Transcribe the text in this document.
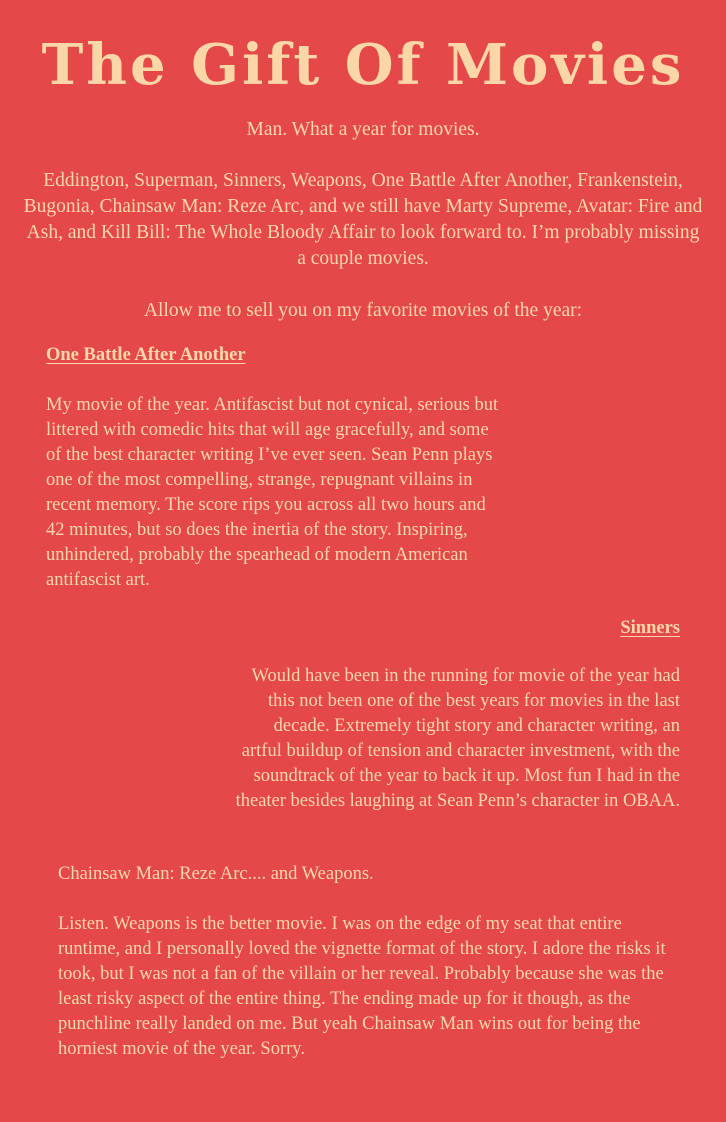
The Gift Of Movies

Man. What a year for movies.

Eddington, Superman, Sinners, Weapons, One Battle After Another, Frankenstein, Bugonia, Chainsaw Man: Reze Arc, and we still have Marty Supreme, Avatar: Fire and Ash, and Kill Bill: The Whole Bloody Affair to look forward to. I’m probably missing a couple movies.

Allow me to sell you on my favorite movies of the year:

One Battle After Another

My movie of the year. Antifascist but not cynical, serious but littered with comedic hits that will age gracefully, and some of the best character writing I’ve ever seen. Sean Penn plays one of the most compelling, strange, repugnant villains in recent memory. The score rips you across all two hours and 42 minutes, but so does the inertia of the story. Inspiring, unhindered, probably the spearhead of modern American antifascist art.

Sinners

Would have been in the running for movie of the year had this not been one of the best years for movies in the last decade. Extremely tight story and character writing, an artful buildup of tension and character investment, with the soundtrack of the year to back it up. Most fun I had in the theater besides laughing at Sean Penn’s character in OBAA.

Chainsaw Man: Reze Arc.... and Weapons.

Listen. Weapons is the better movie. I was on the edge of my seat that entire runtime, and I personally loved the vignette format of the story. I adore the risks it took, but I was not a fan of the villain or her reveal. Probably because she was the least risky aspect of the entire thing. The ending made up for it though, as the punchline really landed on me. But yeah Chainsaw Man wins out for being the horniest movie of the year. Sorry.
